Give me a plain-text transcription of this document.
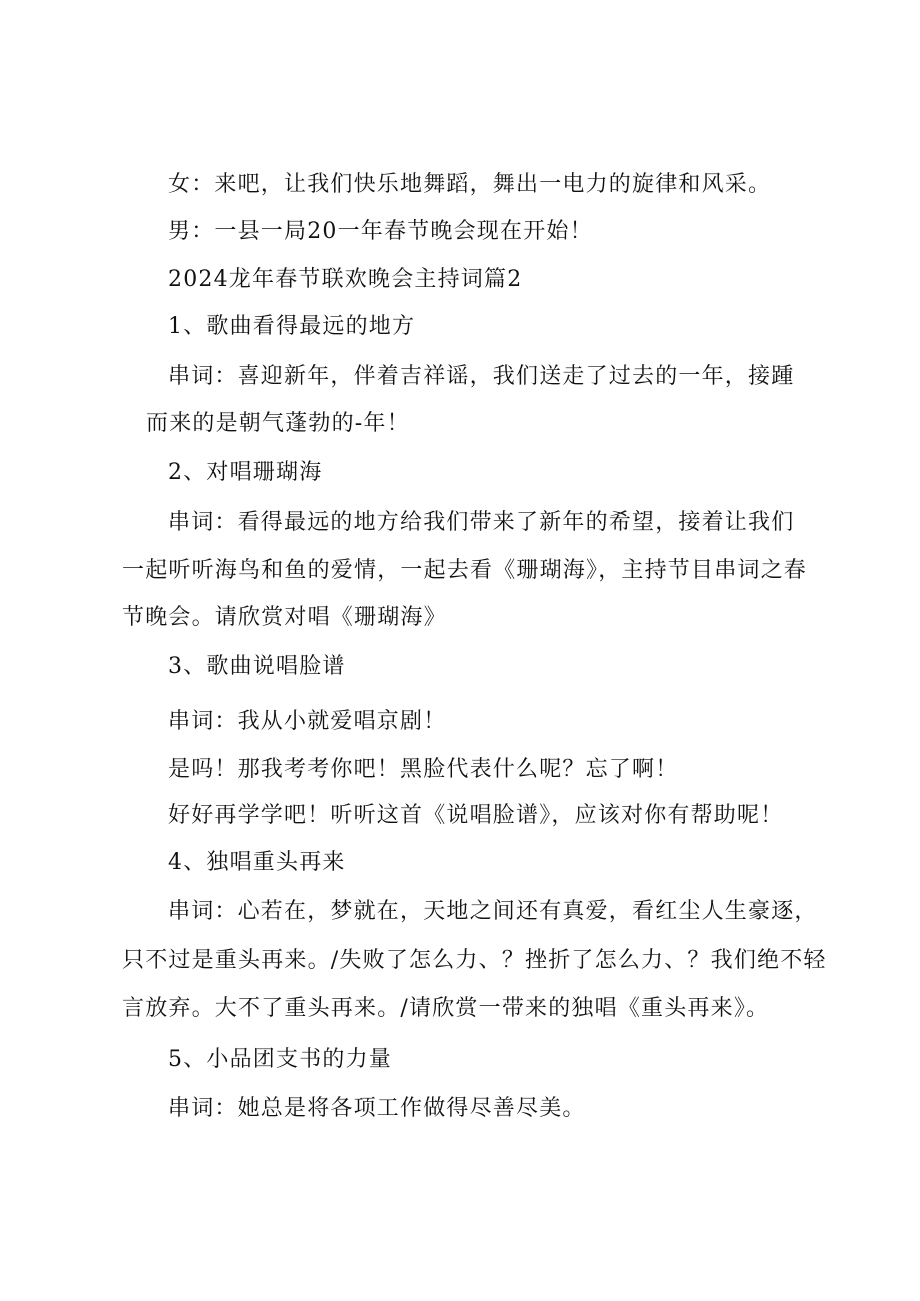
女：来吧，让我们快乐地舞蹈，舞出一电力的旋律和风采。
男：一县一局20一年春节晚会现在开始！
2024龙年春节联欢晚会主持词篇2
1、歌曲看得最远的地方
串词：喜迎新年，伴着吉祥谣，我们送走了过去的一年，接踵
而来的是朝气蓬勃的-年！
2、对唱珊瑚海
串词：看得最远的地方给我们带来了新年的希望，接着让我们
一起听听海鸟和鱼的爱情，一起去看《珊瑚海》，主持节目串词之春
节晚会。请欣赏对唱《珊瑚海》
3、歌曲说唱脸谱
串词：我从小就爱唱京剧！
是吗！那我考考你吧！黑脸代表什么呢？忘了啊！
好好再学学吧！听听这首《说唱脸谱》，应该对你有帮助呢！
4、独唱重头再来
串词：心若在，梦就在，天地之间还有真爱，看红尘人生豪逐，
只不过是重头再来。/失败了怎么力、？挫折了怎么力、？我们绝不轻
言放弃。大不了重头再来。/请欣赏一带来的独唱《重头再来》。
5、小品团支书的力量
串词：她总是将各项工作做得尽善尽美。
